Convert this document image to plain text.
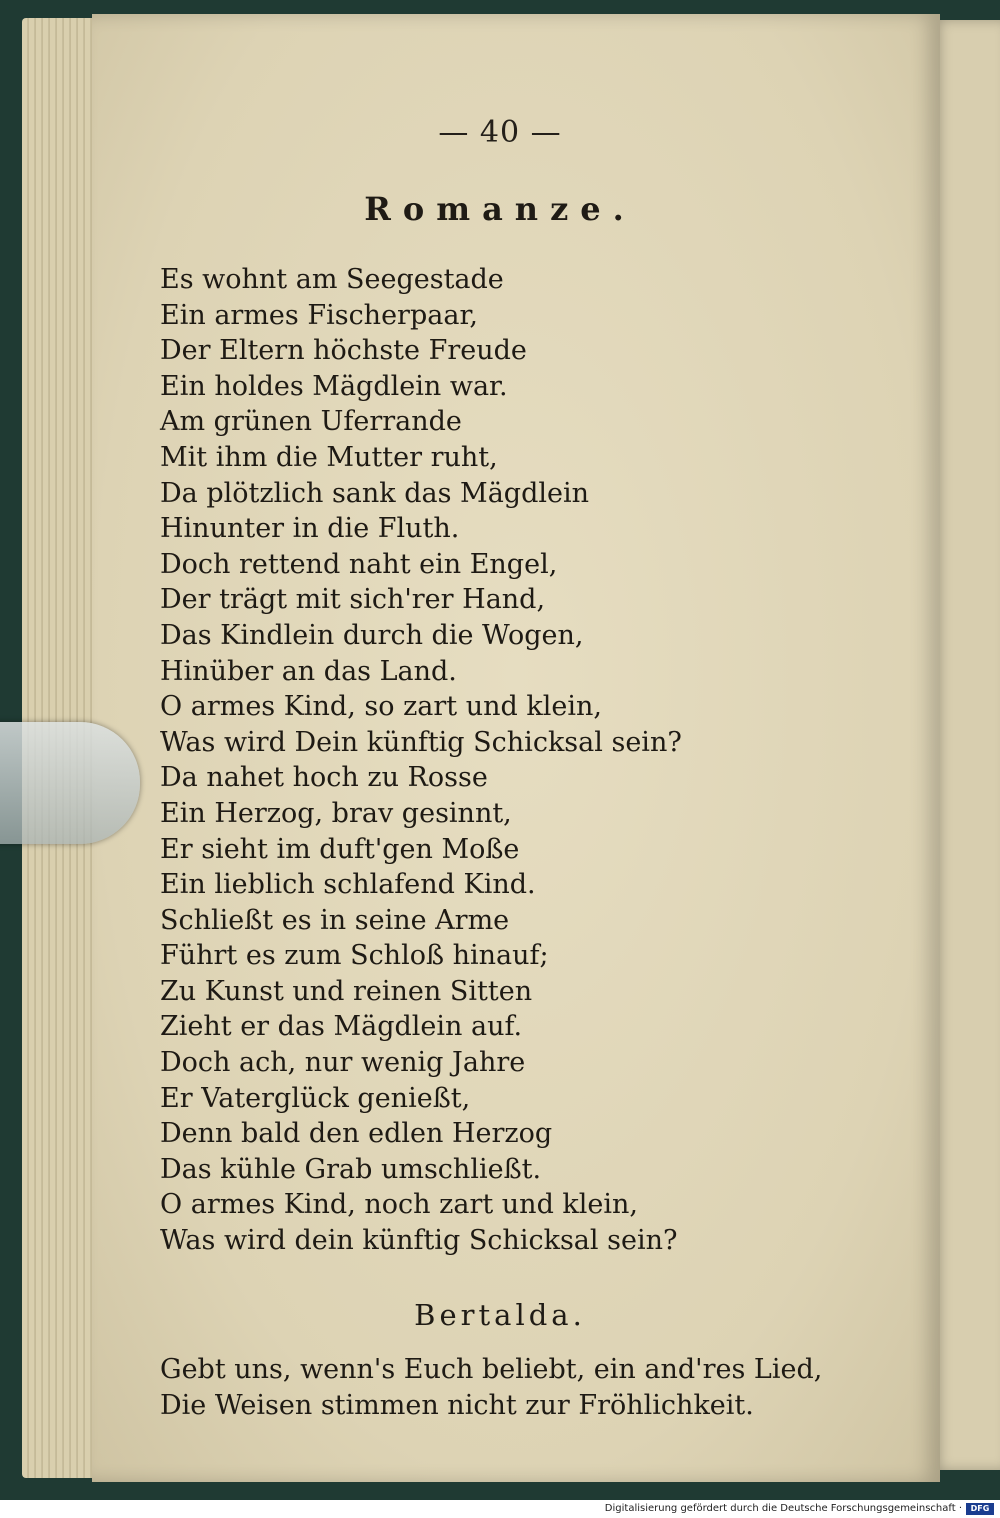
— 40 —
Romanze.
Es wohnt am Seegestade
Ein armes Fischerpaar,
Der Eltern höchste Freude
Ein holdes Mägdlein war.
Am grünen Uferrande
Mit ihm die Mutter ruht,
Da plötzlich sank das Mägdlein
Hinunter in die Fluth.
Doch rettend naht ein Engel,
Der trägt mit sich'rer Hand,
Das Kindlein durch die Wogen,
Hinüber an das Land.
O armes Kind, so zart und klein,
Was wird Dein künftig Schicksal sein?
Da nahet hoch zu Rosse
Ein Herzog, brav gesinnt,
Er sieht im duft'gen Moße
Ein lieblich schlafend Kind.
Schließt es in seine Arme
Führt es zum Schloß hinauf;
Zu Kunst und reinen Sitten
Zieht er das Mägdlein auf.
Doch ach, nur wenig Jahre
Er Vaterglück genießt,
Denn bald den edlen Herzog
Das kühle Grab umschließt.
O armes Kind, noch zart und klein,
Was wird dein künftig Schicksal sein?
Bertalda.
Gebt uns, wenn's Euch beliebt, ein and'res Lied,
Die Weisen stimmen nicht zur Fröhlichkeit.
Digitalisierung gefördert durch die Deutsche Forschungsgemeinschaft ·	DFG
